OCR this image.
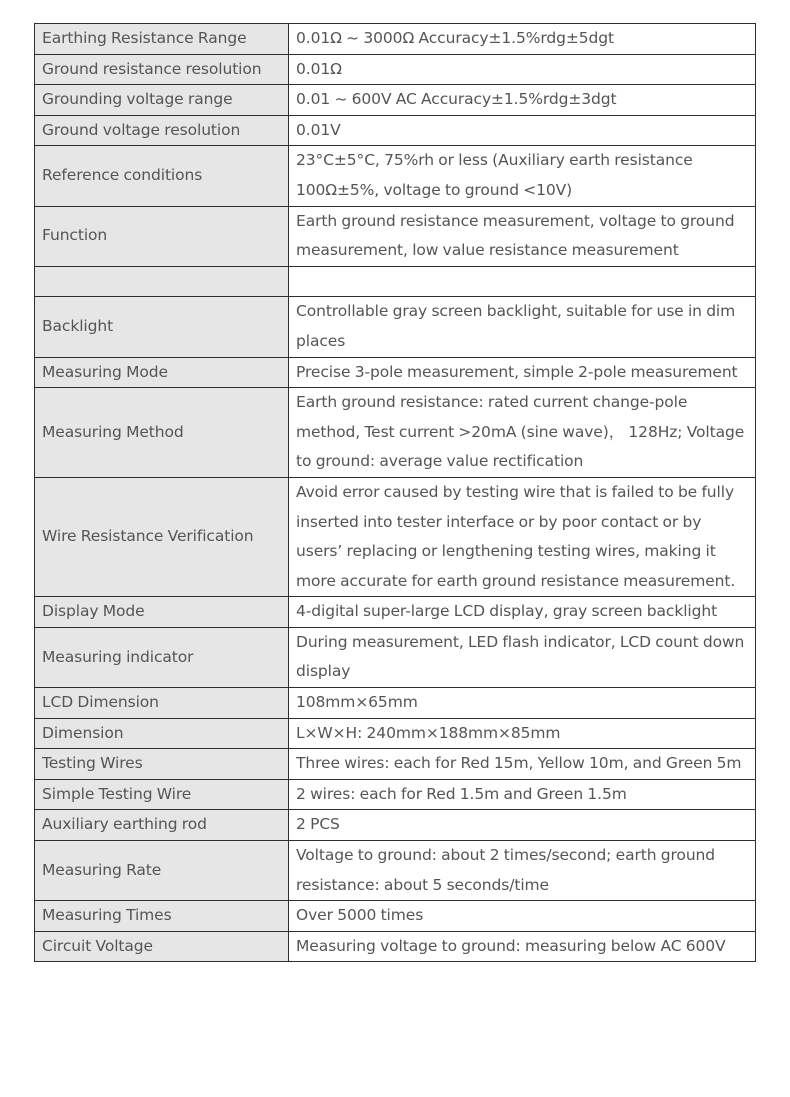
Earthing Resistance Range	0.01Ω ~ 3000Ω Accuracy±1.5%rdg±5dgt
Ground resistance resolution	0.01Ω
Grounding voltage range	0.01 ~ 600V AC Accuracy±1.5%rdg±3dgt
Ground voltage resolution	0.01V
Reference conditions	23°C±5°C, 75%rh or less (Auxiliary earth resistance 100Ω±5%, voltage to ground <10V)
Function	Earth ground resistance measurement, voltage to ground measurement, low value resistance measurement

Backlight	Controllable gray screen backlight, suitable for use in dim places
Measuring Mode	Precise 3-pole measurement, simple 2-pole measurement
Measuring Method	Earth ground resistance: rated current change-pole method, Test current >20mA (sine wave)， 128Hz; Voltage to ground: average value rectification
Wire Resistance Verification	Avoid error caused by testing wire that is failed to be fully inserted into tester interface or by poor contact or by users’ replacing or lengthening testing wires, making it more accurate for earth ground resistance measurement.
Display Mode	4-digital super-large LCD display, gray screen backlight
Measuring indicator	During measurement, LED flash indicator, LCD count down display
LCD Dimension	108mm×65mm
Dimension	L×W×H: 240mm×188mm×85mm
Testing Wires	Three wires: each for Red 15m, Yellow 10m, and Green 5m
Simple Testing Wire	2 wires: each for Red 1.5m and Green 1.5m
Auxiliary earthing rod	2 PCS
Measuring Rate	Voltage to ground: about 2 times/second; earth ground resistance: about 5 seconds/time
Measuring Times	Over 5000 times
Circuit Voltage	Measuring voltage to ground: measuring below AC 600V
